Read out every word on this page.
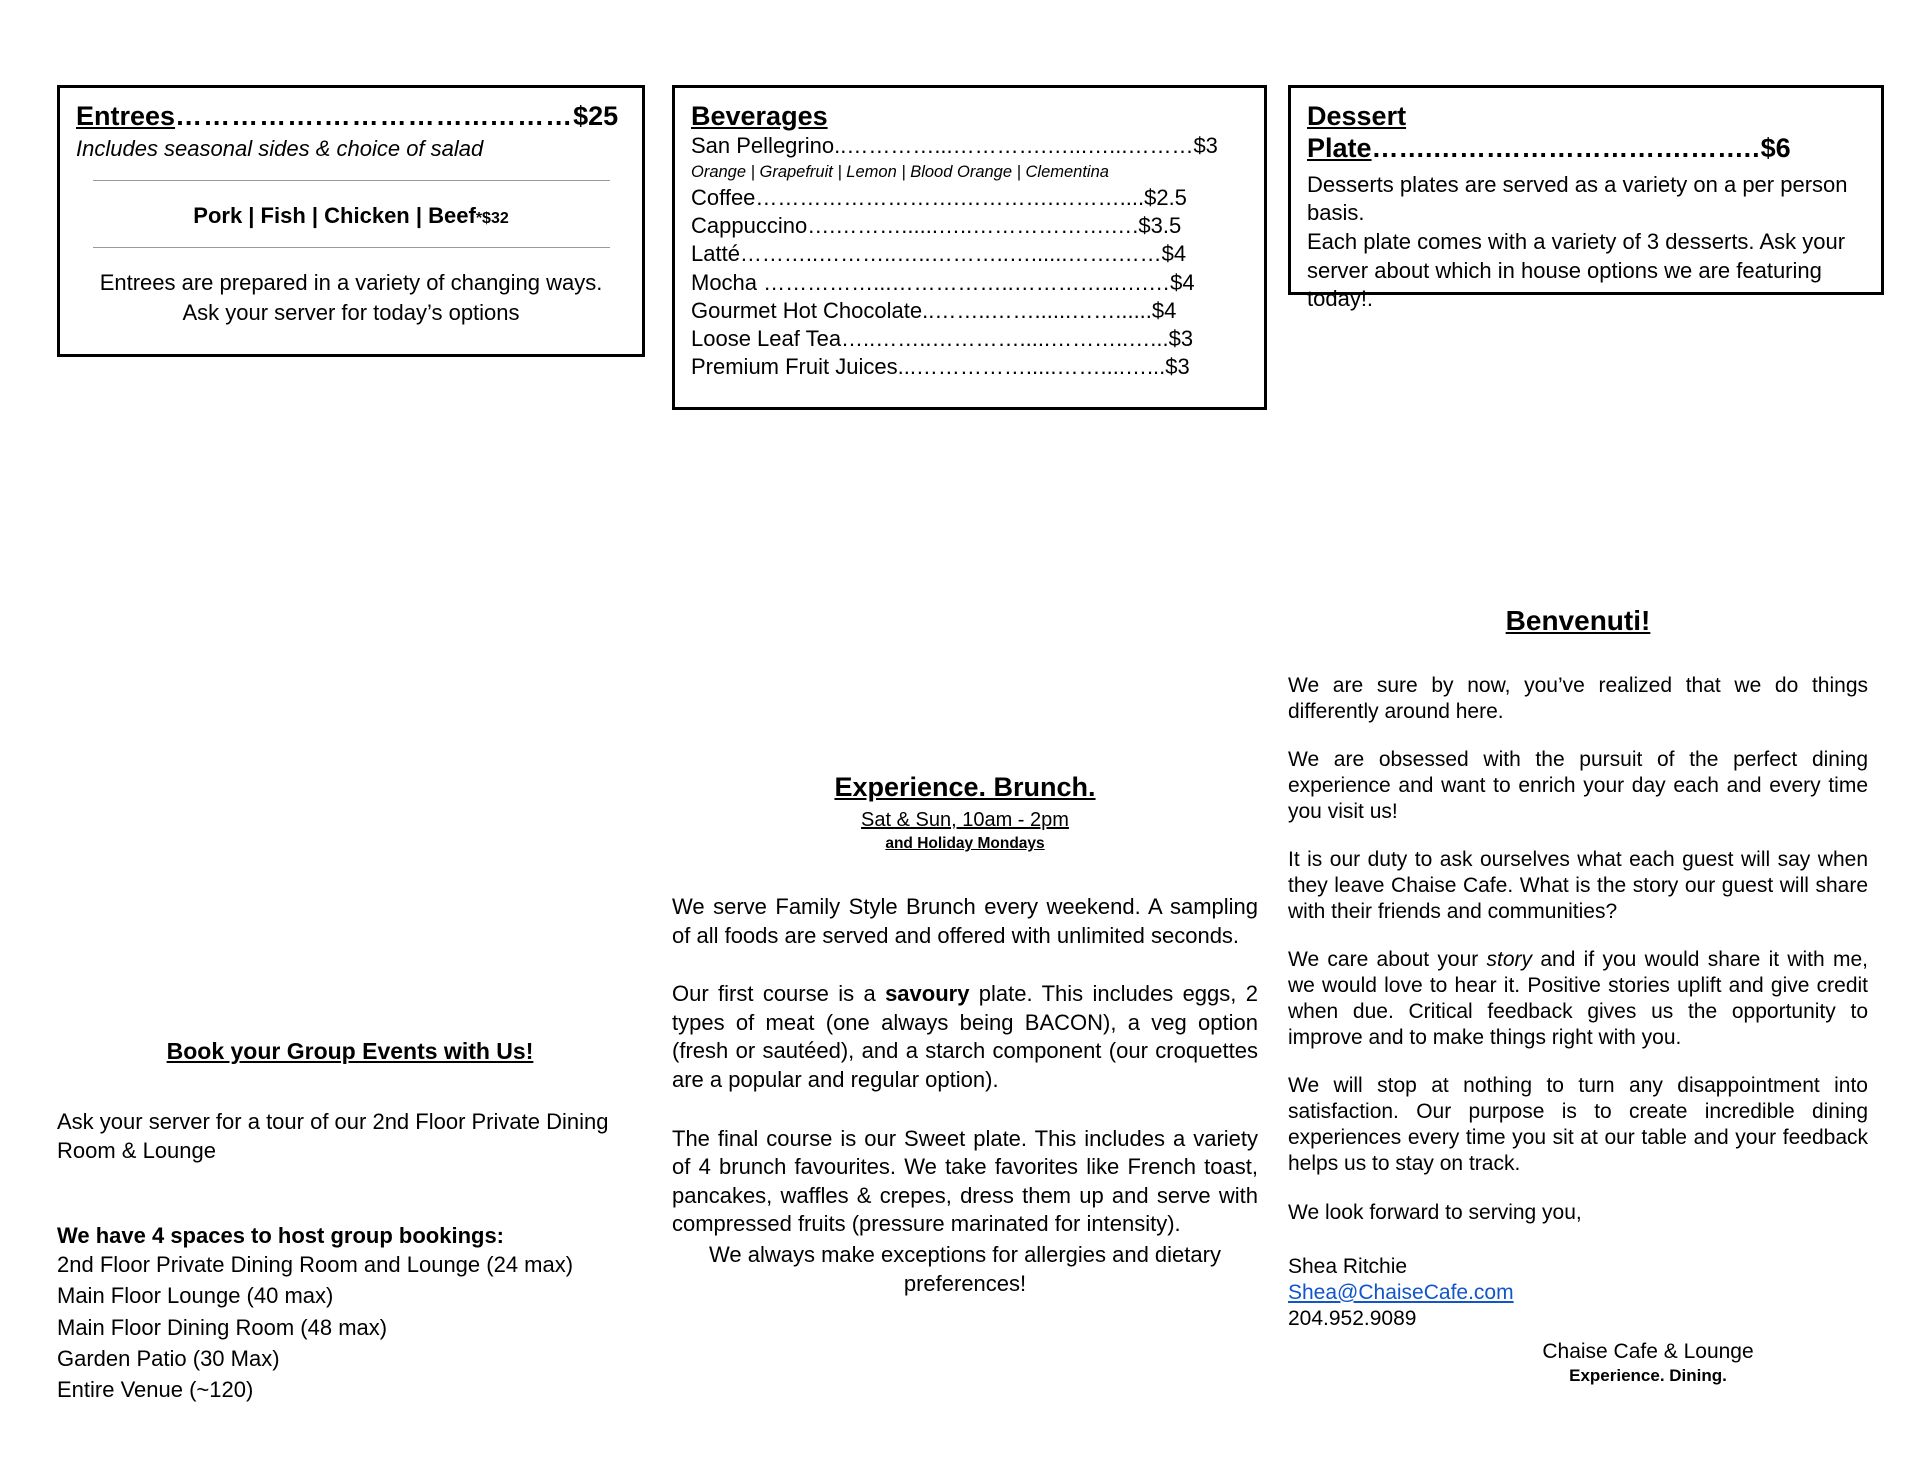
Entrees…………….……………...………$25
Includes seasonal sides & choice of salad
Pork | Fish | Chicken | Beef*$32
Entrees are prepared in a variety of changing ways.
Ask your server for today’s options
Beverages
San Pellegrino..…………...………….…...…...………$3
Orange | Grapefruit | Lemon | Blood Orange | Clementina
Coffee……………………….………….………....$2.5
Cappuccino….………......…..……………….….$3.5
Latté………..………..…..………..…......…….……$4
Mocha ……………...……………..…………...….…$4
Gourmet Hot Chocolate..……..……......……......$4
Loose Leaf Tea…..……..………….....………..…...$3
Premium Fruit Juices...…………….....……....…...$3
Dessert Plate….......…....…...…...…....….....$6
Desserts plates are served as a variety on a per person basis.
Each plate comes with a variety of 3 desserts. Ask your server about which in house options we are featuring today!.
Benvenuti!

We are sure by now, you’ve realized that we do things differently around here.

We are obsessed with the pursuit of the perfect dining experience and want to enrich your day each and every time you visit us!

It is our duty to ask ourselves what each guest will say when they leave Chaise Cafe. What is the story our guest will share with their friends and communities?

We care about your story and if you would share it with me, we would love to hear it. Positive stories uplift and give credit when due. Critical feedback gives us the opportunity to improve and to make things right with you.

We will stop at nothing to turn any disappointment into satisfaction. Our purpose is to create incredible dining experiences every time you sit at our table and your feedback helps us to stay on track.

We look forward to serving you,

Shea Ritchie
Shea@ChaiseCafe.com
204.952.9089
Chaise Cafe & Lounge
Experience. Dining.
Experience. Brunch.
Sat & Sun, 10am - 2pm
and Holiday Mondays

We serve Family Style Brunch every weekend. A sampling of all foods are served and offered with unlimited seconds.

Our first course is a savoury plate. This includes eggs, 2 types of meat (one always being BACON), a veg option (fresh or sautéed), and a starch component (our croquettes are a popular and regular option).

The final course is our Sweet plate. This includes a variety of 4 brunch favourites. We take favorites like French toast, pancakes, waffles & crepes, dress them up and serve with compressed fruits (pressure marinated for intensity).

We always make exceptions for allergies and dietary preferences!

Book your Group Events with Us!

Ask your server for a tour of our 2nd Floor Private Dining Room & Lounge

We have 4 spaces to host group bookings:
2nd Floor Private Dining Room and Lounge (24 max)
Main Floor Lounge (40 max)
Main Floor Dining Room (48 max)
Garden Patio (30 Max)
Entire Venue (~120)
